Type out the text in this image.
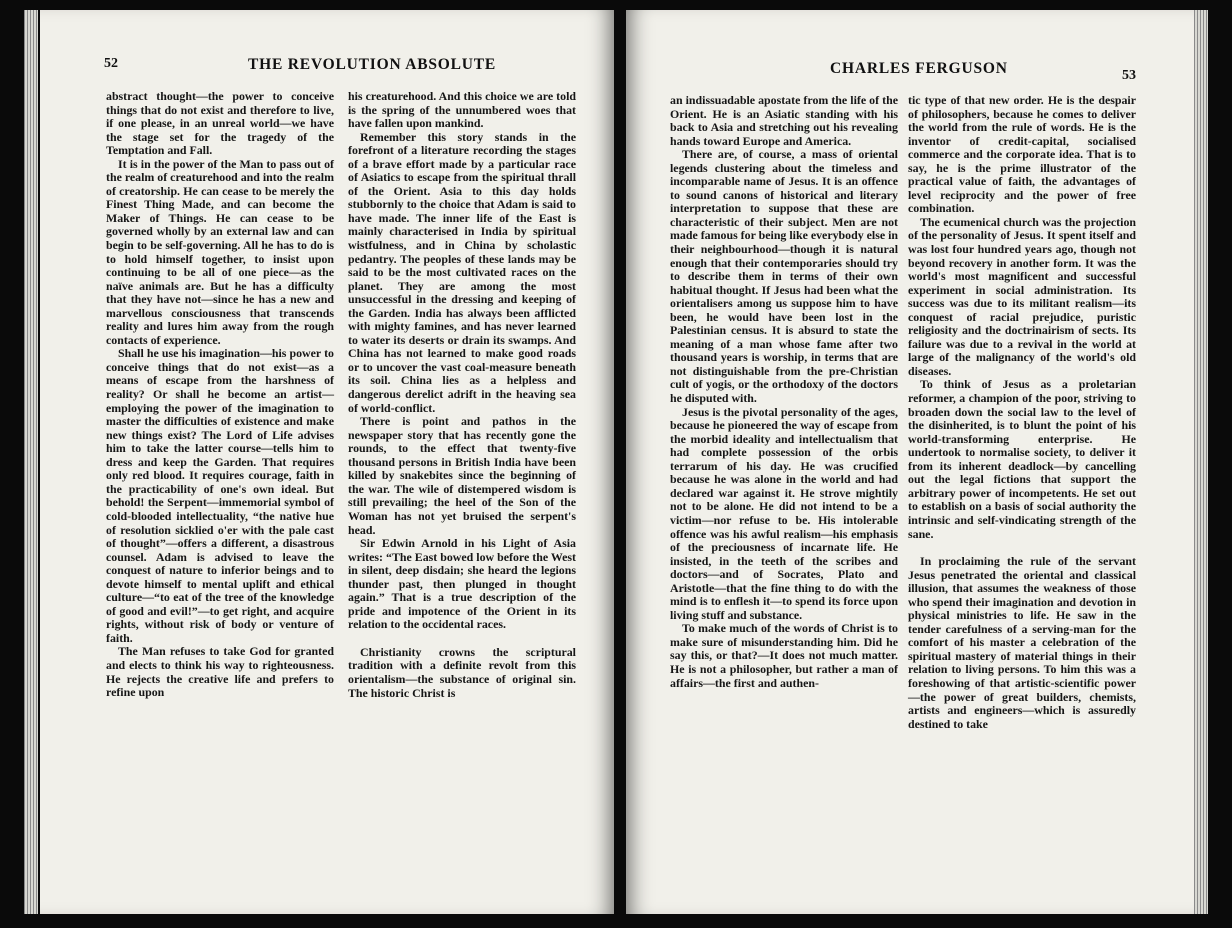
52	THE REVOLUTION ABSOLUTE

abstract thought—the power to conceive things that do not exist and therefore to live, if one please, in an unreal world—we have the stage set for the tragedy of the Temptation and Fall.

It is in the power of the Man to pass out of the realm of creaturehood and into the realm of creatorship. He can cease to be merely the Finest Thing Made, and can become the Maker of Things. He can cease to be governed wholly by an external law and can begin to be self-governing. All he has to do is to hold himself together, to insist upon continuing to be all of one piece—as the naïve animals are. But he has a difficulty that they have not—since he has a new and marvellous consciousness that transcends reality and lures him away from the rough contacts of experience.

Shall he use his imagination—his power to conceive things that do not exist—as a means of escape from the harshness of reality? Or shall he become an artist—employing the power of the imagination to master the difficulties of existence and make new things exist? The Lord of Life advises him to take the latter course—tells him to dress and keep the Garden. That requires only red blood. It requires courage, faith in the practicability of one's own ideal. But behold! the Serpent—immemorial symbol of cold-blooded intellectuality, “the native hue of resolution sicklied o'er with the pale cast of thought”—offers a different, a disastrous counsel. Adam is advised to leave the conquest of nature to inferior beings and to devote himself to mental uplift and ethical culture—“to eat of the tree of the knowledge of good and evil!”—to get right, and acquire rights, without risk of body or venture of faith.

The Man refuses to take God for granted and elects to think his way to righteousness. He rejects the creative life and prefers to refine upon

his creaturehood. And this choice we are told is the spring of the unnumbered woes that have fallen upon mankind.

Remember this story stands in the forefront of a literature recording the stages of a brave effort made by a particular race of Asiatics to escape from the spiritual thrall of the Orient. Asia to this day holds stubbornly to the choice that Adam is said to have made. The inner life of the East is mainly characterised in India by spiritual wistfulness, and in China by scholastic pedantry. The peoples of these lands may be said to be the most cultivated races on the planet. They are among the most unsuccessful in the dressing and keeping of the Garden. India has always been afflicted with mighty famines, and has never learned to water its deserts or drain its swamps. And China has not learned to make good roads or to uncover the vast coal-measure beneath its soil. China lies as a helpless and dangerous derelict adrift in the heaving sea of world-conflict.

There is point and pathos in the newspaper story that has recently gone the rounds, to the effect that twenty-five thousand persons in British India have been killed by snakebites since the beginning of the war. The wile of distempered wisdom is still prevailing; the heel of the Son of the Woman has not yet bruised the serpent's head.

Sir Edwin Arnold in his Light of Asia writes: “The East bowed low before the West in silent, deep disdain; she heard the legions thunder past, then plunged in thought again.” That is a true description of the pride and impotence of the Orient in its relation to the occidental races.

Christianity crowns the scriptural tradition with a definite revolt from this orientalism—the substance of original sin. The historic Christ is

CHARLES FERGUSON	53

an indissuadable apostate from the life of the Orient. He is an Asiatic standing with his back to Asia and stretching out his revealing hands toward Europe and America.

There are, of course, a mass of oriental legends clustering about the timeless and incomparable name of Jesus. It is an offence to sound canons of historical and literary interpretation to suppose that these are characteristic of their subject. Men are not made famous for being like everybody else in their neighbourhood—though it is natural enough that their contemporaries should try to describe them in terms of their own habitual thought. If Jesus had been what the orientalisers among us suppose him to have been, he would have been lost in the Palestinian census. It is absurd to state the meaning of a man whose fame after two thousand years is worship, in terms that are not distinguishable from the pre-Christian cult of yogis, or the orthodoxy of the doctors he disputed with.

Jesus is the pivotal personality of the ages, because he pioneered the way of escape from the morbid ideality and intellectualism that had complete possession of the orbis terrarum of his day. He was crucified because he was alone in the world and had declared war against it. He strove mightily not to be alone. He did not intend to be a victim—nor refuse to be. His intolerable offence was his awful realism—his emphasis of the preciousness of incarnate life. He insisted, in the teeth of the scribes and doctors—and of Socrates, Plato and Aristotle—that the fine thing to do with the mind is to enflesh it—to spend its force upon living stuff and substance.

To make much of the words of Christ is to make sure of misunderstanding him. Did he say this, or that?—It does not much matter. He is not a philosopher, but rather a man of affairs—the first and authen-

tic type of that new order. He is the despair of philosophers, because he comes to deliver the world from the rule of words. He is the inventor of credit-capital, socialised commerce and the corporate idea. That is to say, he is the prime illustrator of the practical value of faith, the advantages of level reciprocity and the power of free combination.

The ecumenical church was the projection of the personality of Jesus. It spent itself and was lost four hundred years ago, though not beyond recovery in another form. It was the world's most magnificent and successful experiment in social administration. Its success was due to its militant realism—its conquest of racial prejudice, puristic religiosity and the doctrinairism of sects. Its failure was due to a revival in the world at large of the malignancy of the world's old diseases.

To think of Jesus as a proletarian reformer, a champion of the poor, striving to broaden down the social law to the level of the disinherited, is to blunt the point of his world-transforming enterprise. He undertook to normalise society, to deliver it from its inherent deadlock—by cancelling out the legal fictions that support the arbitrary power of incompetents. He set out to establish on a basis of social authority the intrinsic and self-vindicating strength of the sane.

In proclaiming the rule of the servant Jesus penetrated the oriental and classical illusion, that assumes the weakness of those who spend their imagination and devotion in physical ministries to life. He saw in the tender carefulness of a serving-man for the comfort of his master a celebration of the spiritual mastery of material things in their relation to living persons. To him this was a foreshowing of that artistic-scientific power—the power of great builders, chemists, artists and engineers—which is assuredly destined to take
